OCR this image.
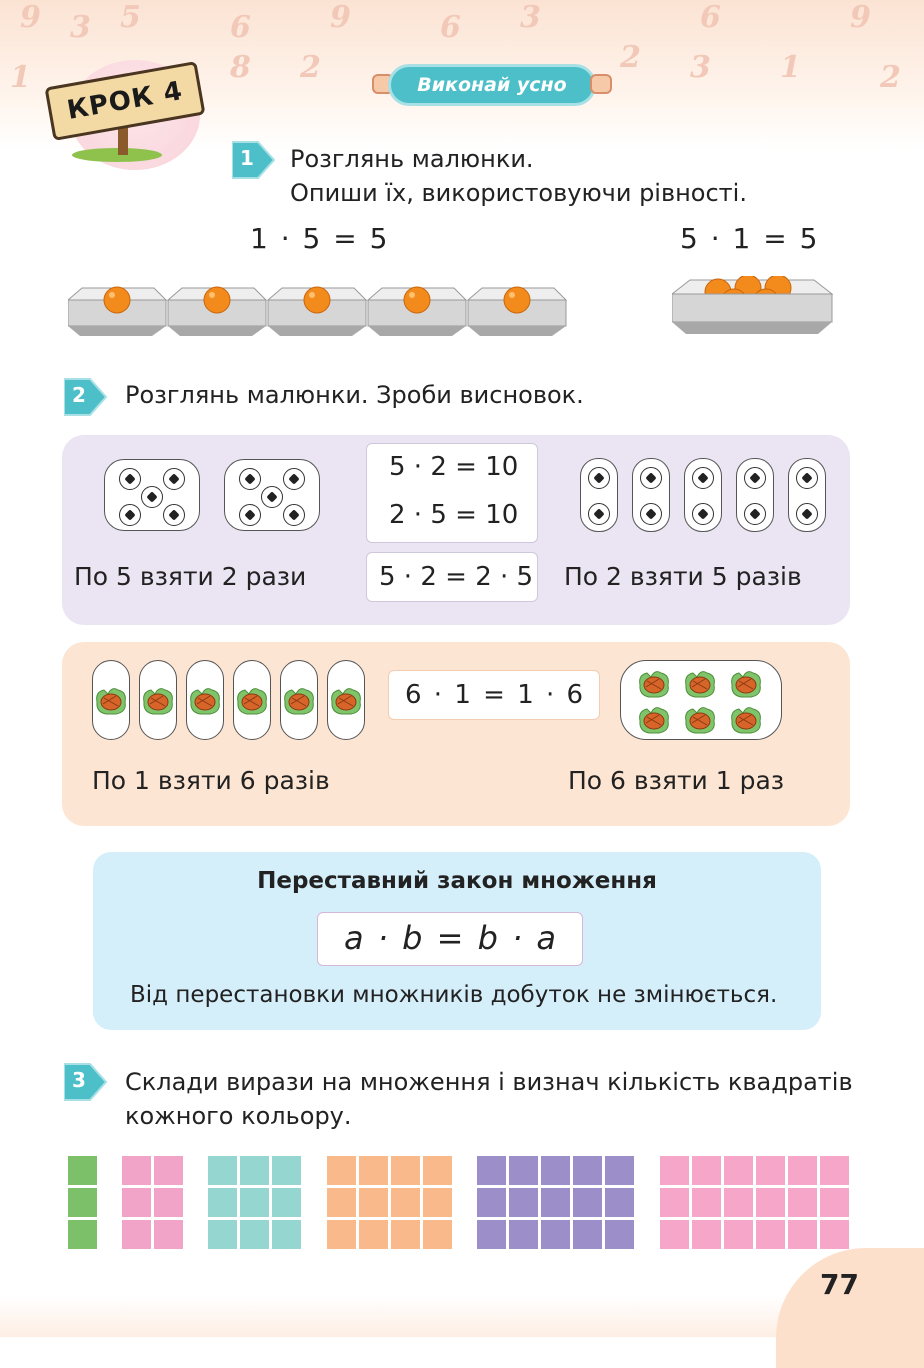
9 3 5	6
2
9	6 3
2
6
1
9
2
1	8	3
КРОК 4	Виконай усно
1 Розглянь малюнки.
Опиши їх, використовуючи рівності.
1 · 5 = 5	5 · 1 = 5
2 Розглянь малюнки. Зроби висновок.
5 · 2 = 10
2 · 5 = 10
5 · 2 = 2 · 5
По 5 взяти 2 рази	По 2 взяти 5 разів
6 · 1 = 1 · 6
По 1 взяти 6 разів	По 6 взяти 1 раз
Переставний закон множення
a · b = b · a
Від перестановки множників добуток не змінюється.
3 Склади вирази на множення і визнач кількість квадратів
кожного кольору.
77
